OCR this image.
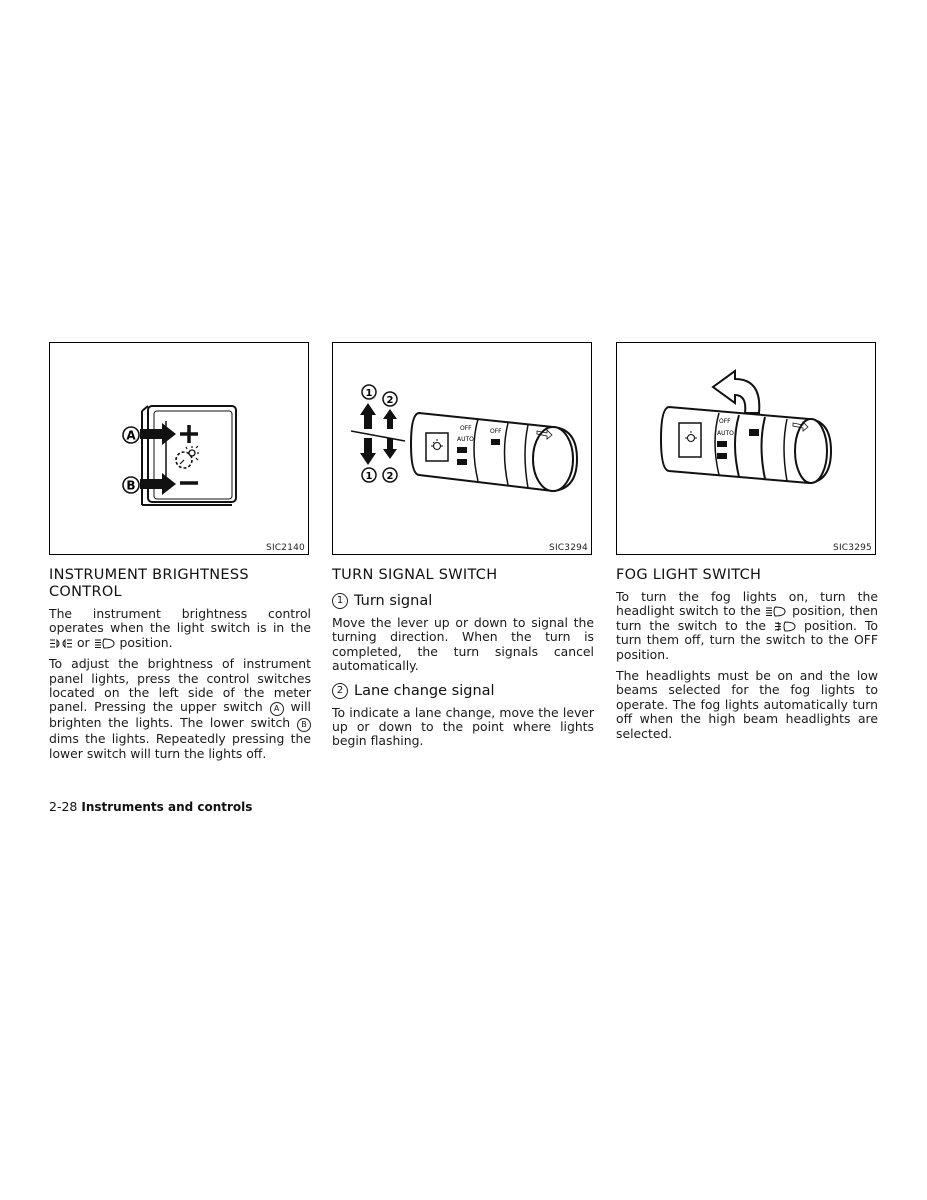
A
B
SIC2140
INSTRUMENT BRIGHTNESS CONTROL

The instrument brightness control operates when the light switch is in the  or position.

To adjust the brightness of instrument panel lights, press the control switches located on the left side of the meter panel. Pressing the upper switch A will brighten the lights. The lower switch B dims the lights. Repeatedly pressing the lower switch will turn the lights off.

OFF
AUTO
OFF
1
2
1 2
SIC3294
TURN SIGNAL SWITCH
1 Turn signal

Move the lever up or down to signal the turning direction. When the turn is completed, the turn signals cancel automatically.

2 Lane change signal

To indicate a lane change, move the lever up or down to the point where lights begin flashing.

OFF
AUTO
SIC3295
FOG LIGHT SWITCH

To turn the fog lights on, turn the headlight switch to the	position, then turn the switch to the	position. To turn them off, turn the switch to the OFF position.

The headlights must be on and the low beams selected for the fog lights to operate. The fog lights automatically turn off when the high beam headlights are selected.

2-28 Instruments and controls
